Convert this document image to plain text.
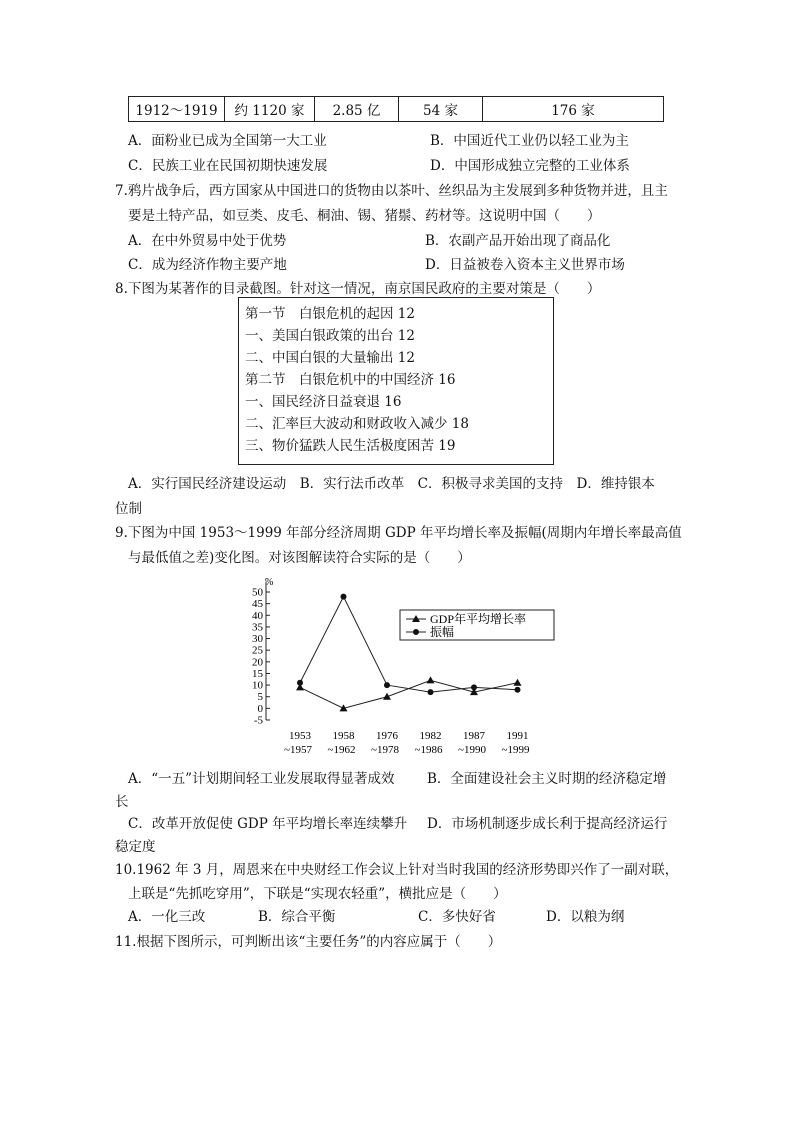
1912～1919	约 1120 家	2.85 亿	54 家	176 家
A．面粉业已成为全国第一大工业	B．中国近代工业仍以轻工业为主
C．民族工业在民国初期快速发展	D．中国形成独立完整的工业体系
7.鸦片战争后，西方国家从中国进口的货物由以茶叶、丝织品为主发展到多种货物并进，且主
要是土特产品，如豆类、皮毛、桐油、锡、猪鬃、药材等。这说明中国（　　）
A．在中外贸易中处于优势	B．农副产品开始出现了商品化
C．成为经济作物主要产地	D．日益被卷入资本主义世界市场
8.下图为某著作的目录截图。针对这一情况，南京国民政府的主要对策是（　　）
第一节　白银危机的起因 12
一、美国白银政策的出台 12
二、中国白银的大量输出 12
第二节　白银危机中的中国经济 16
一、国民经济日益衰退 16
二、汇率巨大波动和财政收入减少 18
三、物价猛跌人民生活极度困苦 19
A．实行国民经济建设运动　B．实行法币改革　C．积极寻求美国的支持　D．维持银本
位制
9.下图为中国 1953～1999 年部分经济周期 GDP 年平均增长率及振幅(周期内年增长率最高值
与最低值之差)变化图。对该图解读符合实际的是（　　）
50
45
40
35
30
25
20
15
10
5
0
-5
1953
~1957
1958
~1962
1976
~1978
1982
~1986
1987
~1990
1991
~1999
GDP年平均增长率
振幅
%
A．“一五”计划期间轻工业发展取得显著成效 B．全面建设社会主义时期的经济稳定增
长
C．改革开放促使 GDP 年平均增长率连续攀升 D．市场机制逐步成长利于提高经济运行
稳定度
10.1962 年 3 月，周恩来在中央财经工作会议上针对当时我国的经济形势即兴作了一副对联，
上联是“先抓吃穿用”，下联是“实现农轻重”，横批应是（　　）
A．一化三改	B．综合平衡	C．多快好省	D．以粮为纲
11.根据下图所示，可判断出该“主要任务”的内容应属于（　　）
